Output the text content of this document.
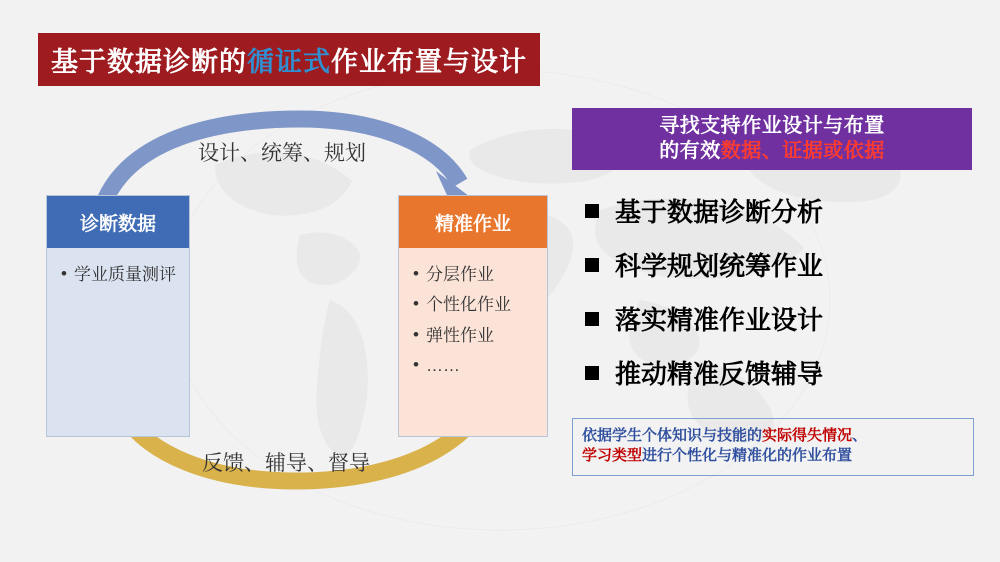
基于数据诊断的循证式作业布置与设计
设计、统筹、规划
反馈、辅导、督导
诊断数据
• 学业质量测评
精准作业
• 分层作业
• 个性化作业
• 弹性作业
• ……
寻找支持作业设计与布置
的有效数据、证据或依据
基于数据诊断分析
科学规划统筹作业
落实精准作业设计
推动精准反馈辅导
依据学生个体知识与技能的实际得失情况、
学习类型进行个性化与精准化的作业布置
